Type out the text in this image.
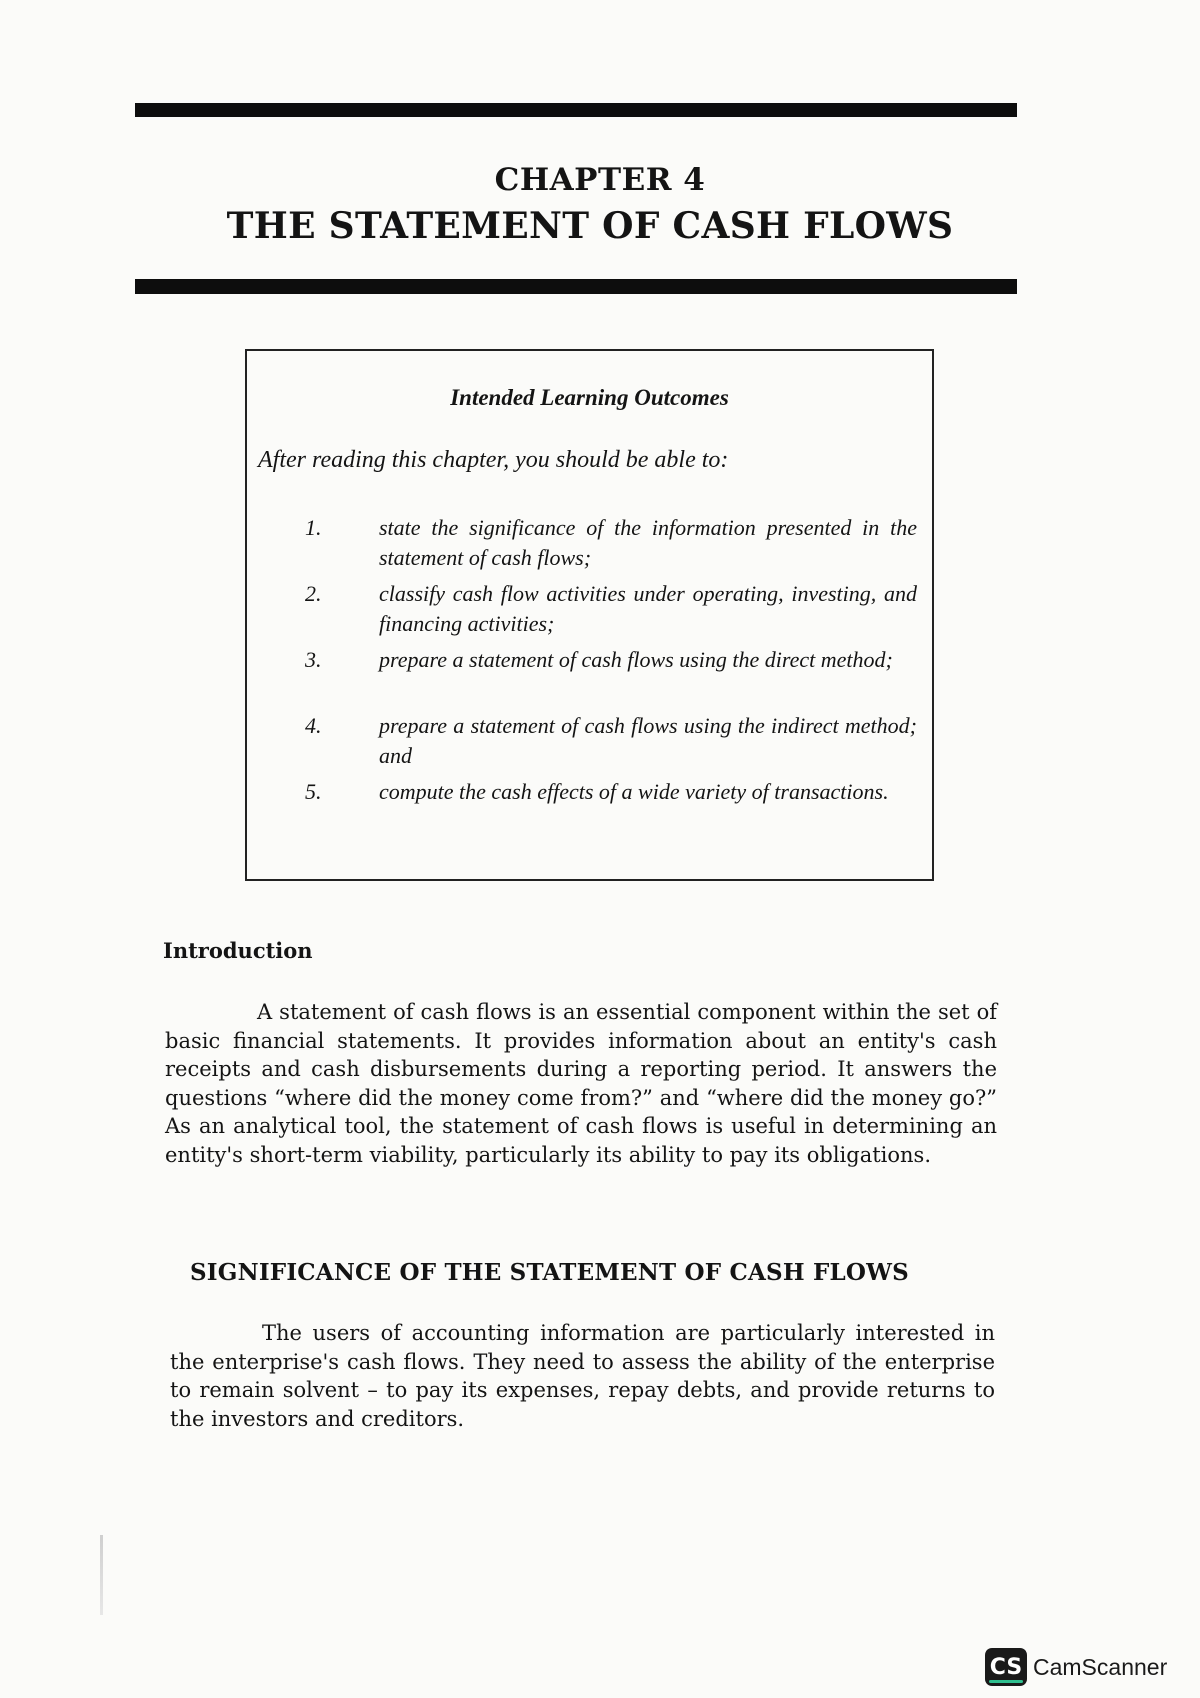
CHAPTER 4
THE STATEMENT OF CASH FLOWS
Intended Learning Outcomes
After reading this chapter, you should be able to:
1.	state the significance of the information presented in the statement of cash flows;
2.	classify cash flow activities under operating, investing, and financing activities;
3.	prepare a statement of cash flows using the direct method;
4.	prepare a statement of cash flows using the indirect method; and
5.	compute the cash effects of a wide variety of transactions.
Introduction

A statement of cash flows is an essential component within the set of basic financial statements. It provides information about an entity's cash receipts and cash disbursements during a reporting period. It answers the questions “where did the money come from?” and “where did the money go?” As an analytical tool, the statement of cash flows is useful in determining an entity's short-term viability, particularly its ability to pay its obligations.

SIGNIFICANCE OF THE STATEMENT OF CASH FLOWS

The users of accounting information are particularly interested in the enterprise's cash flows. They need to assess the ability of the enterprise to remain solvent – to pay its expenses, repay debts, and provide returns to the investors and creditors.

CS CamScanner
